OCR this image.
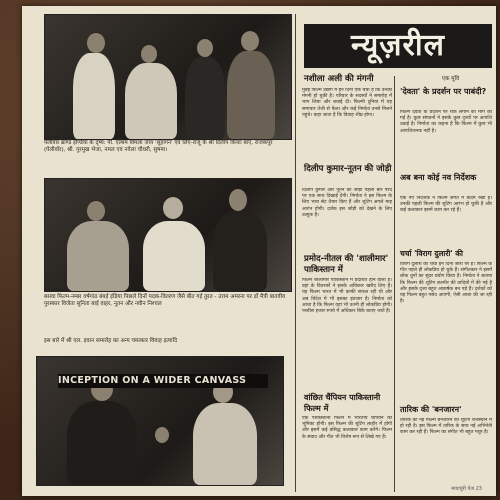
न्यूज़रील
पेलीवॉर ब्राण्ड इण्डिया के दृष्य: पी. एल्बम विमला जाय 'सुहागन' एवं लिए-राजू के श्री दिलीप कियाः बाएं, राजकपूर (पेलीवॉर), श्री. गुरमुख भेजा, नमल एवं नवेला चौधरी, सुषमा।
बसवा फिल्म-नम्बर वर्षगांठ बंबई इंडिया पिछले दिनों पदक-वितरण जैसे बीत गई तुरत - उत्तम अमरना पर डॉ मैत्री बातवीय पुरस्कार विजेता सुनिता बाई वाहर, नूतन और नवीन निश्चल
इस बारे में श्री एल. इवान समारोह का अन्य चमत्कार विवाह इत्यादि
INCEPTION ON A WIDER CANVASS
नशीला अली की मंगनी
मुंबई फिल्म उद्योग में इन दिनों एक चर्चा है कि उनकी मंगनी हो चुकी है। परिवार के सदस्यों ने समारोह में भाग लिया और बधाई दी। फिल्मी दुनिया में यह समाचार तेजी से फैला और कई निर्माता उनसे मिलने पहुंचे। कहा जाता है कि विवाह शीघ्र होगा।
दिलीप कुमार-नूतन की जोड़ी
दिलीप कुमार और नूतन की जोड़ी पहली बार परदे पर एक साथ दिखाई देगी। निर्माता ने इस फिल्म के लिए भव्य सेट तैयार किए हैं और शूटिंग अगले माह आरंभ होगी। दर्शक इस जोड़ी को देखने के लिए उत्सुक हैं।
प्रमोद-नीतल की 'शालीमार' पाकिस्तान में
फिल्म शालीमार पाकिस्तान में प्रदर्शित होने वाली है। वहां के वितरकों ने इसके अधिकार खरीद लिए हैं। यह फिल्म भारत में भी काफी सफल रही थी और अब विदेश में भी इसका इंतजार है। निर्माता को आशा है कि फिल्म वहां भी उतनी ही लोकप्रिय होगी। पच्चीस हजार रुपये में अधिकार बिके बताए जाते हैं।
वांछित चैंपियन पाकिस्तानी फिल्म में
एक पाकिस्तानी फिल्म में भारतीय चैंपियन की भूमिका होगी। इस फिल्म की शूटिंग लाहौर में होगी और इसमें कई प्रसिद्ध कलाकार काम करेंगे। फिल्म के संवाद और गीत भी विशेष रूप से लिखे गए हैं।
एक मूवि
'देवता' के प्रदर्शन पर पाबंदी?
फिल्म देवता के प्रदर्शन पर रोक लगाने की मांग की गई है। कुछ संगठनों ने इसके कुछ दृश्यों पर आपत्ति उठाई है। निर्माता का कहना है कि फिल्म में कुछ भी आपत्तिजनक नहीं है।
अब बना कोई नव निर्देशक
एक नए निर्देशक ने फिल्म जगत में कदम रखा है। उनकी पहली फिल्म की शूटिंग आरंभ हो चुकी है और कई कलाकार इसमें काम कर रहे हैं।
चर्चा 'विराग दुलारी' की
विराग दुलारी की चर्चा इन दिनों जोरों पर है। फिल्म के गीत पहले ही लोकप्रिय हो चुके हैं। संगीतकार ने इसमें लोक धुनों का सुंदर प्रयोग किया है। निर्माता ने बताया कि फिल्म की शूटिंग कश्मीर की वादियों में की गई है और इसके दृश्य बहुत आकर्षक बन पड़े हैं। दर्शकों को यह फिल्म बहुत पसंद आएगी, ऐसी आशा की जा रही है।
तारिक की 'बनजारन'
तारिक की नई फिल्म बनजारन की शूटिंग राजस्थान में हो रही है। इस फिल्म में तारिक के साथ नई अभिनेत्री काम कर रही हैं। फिल्म का संगीत भी बहुत मधुर है।
मायापुरी पेज 23
